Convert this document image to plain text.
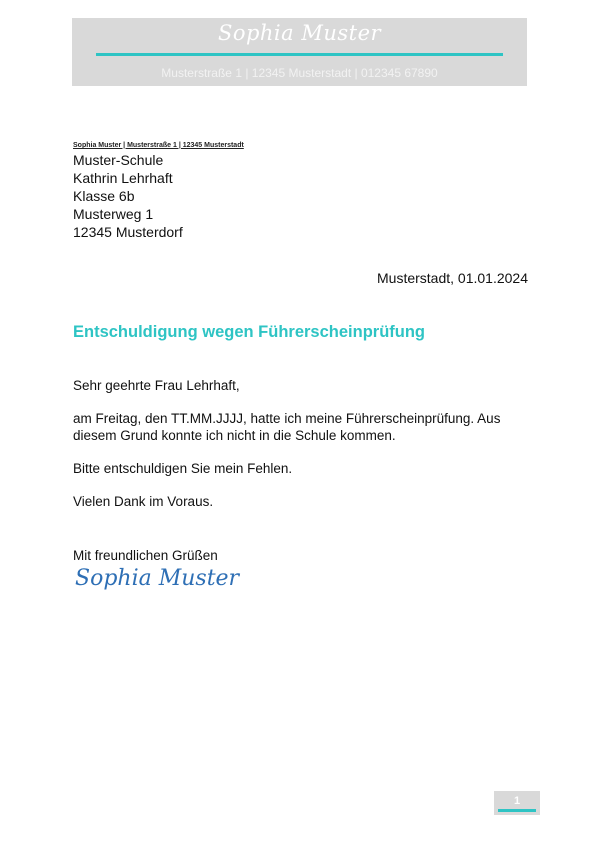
Sophia Muster
Musterstraße 1 | 12345 Musterstadt | 012345 67890
Sophia Muster | Musterstraße 1 | 12345 Musterstadt
Muster-Schule
Kathrin Lehrhaft
Klasse 6b
Musterweg 1
12345 Musterdorf
Musterstadt, 01.01.2024
Entschuldigung wegen Führerscheinprüfung

Sehr geehrte Frau Lehrhaft,

am Freitag, den TT.MM.JJJJ, hatte ich meine Führerscheinprüfung. Aus diesem Grund konnte ich nicht in die Schule kommen.

Bitte entschuldigen Sie mein Fehlen.

Vielen Dank im Voraus.

Mit freundlichen Grüßen
Sophia Muster
1
